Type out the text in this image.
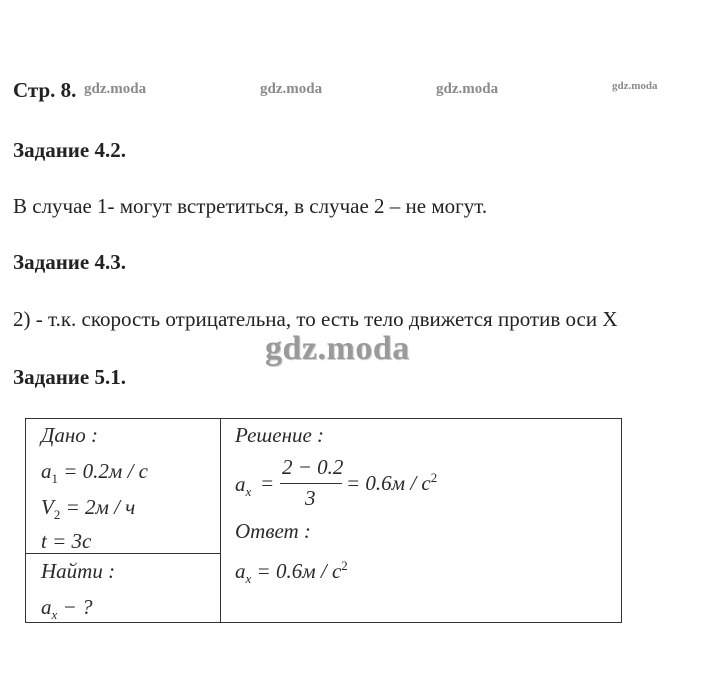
Стр. 8. gdz.moda	gdz.moda	gdz.moda	gdz.moda
Задание 4.2.
В случае 1- могут встретиться, в случае 2 – не могут.
Задание 4.3.
2) - т.к. скорость отрицательна, то есть тело движется против оси X
gdz.moda
Задание 5.1.
Дано :
$a_1 = 0.2м / с$
$V_2 = 2м / ч$
t = 3с
Найти :
$a_x$ − ?
Решение :
$a_x$ =
2 − 0.2
3
= $0.6м / с^2$
Ответ :
$a_x = 0.6м / с^2$
